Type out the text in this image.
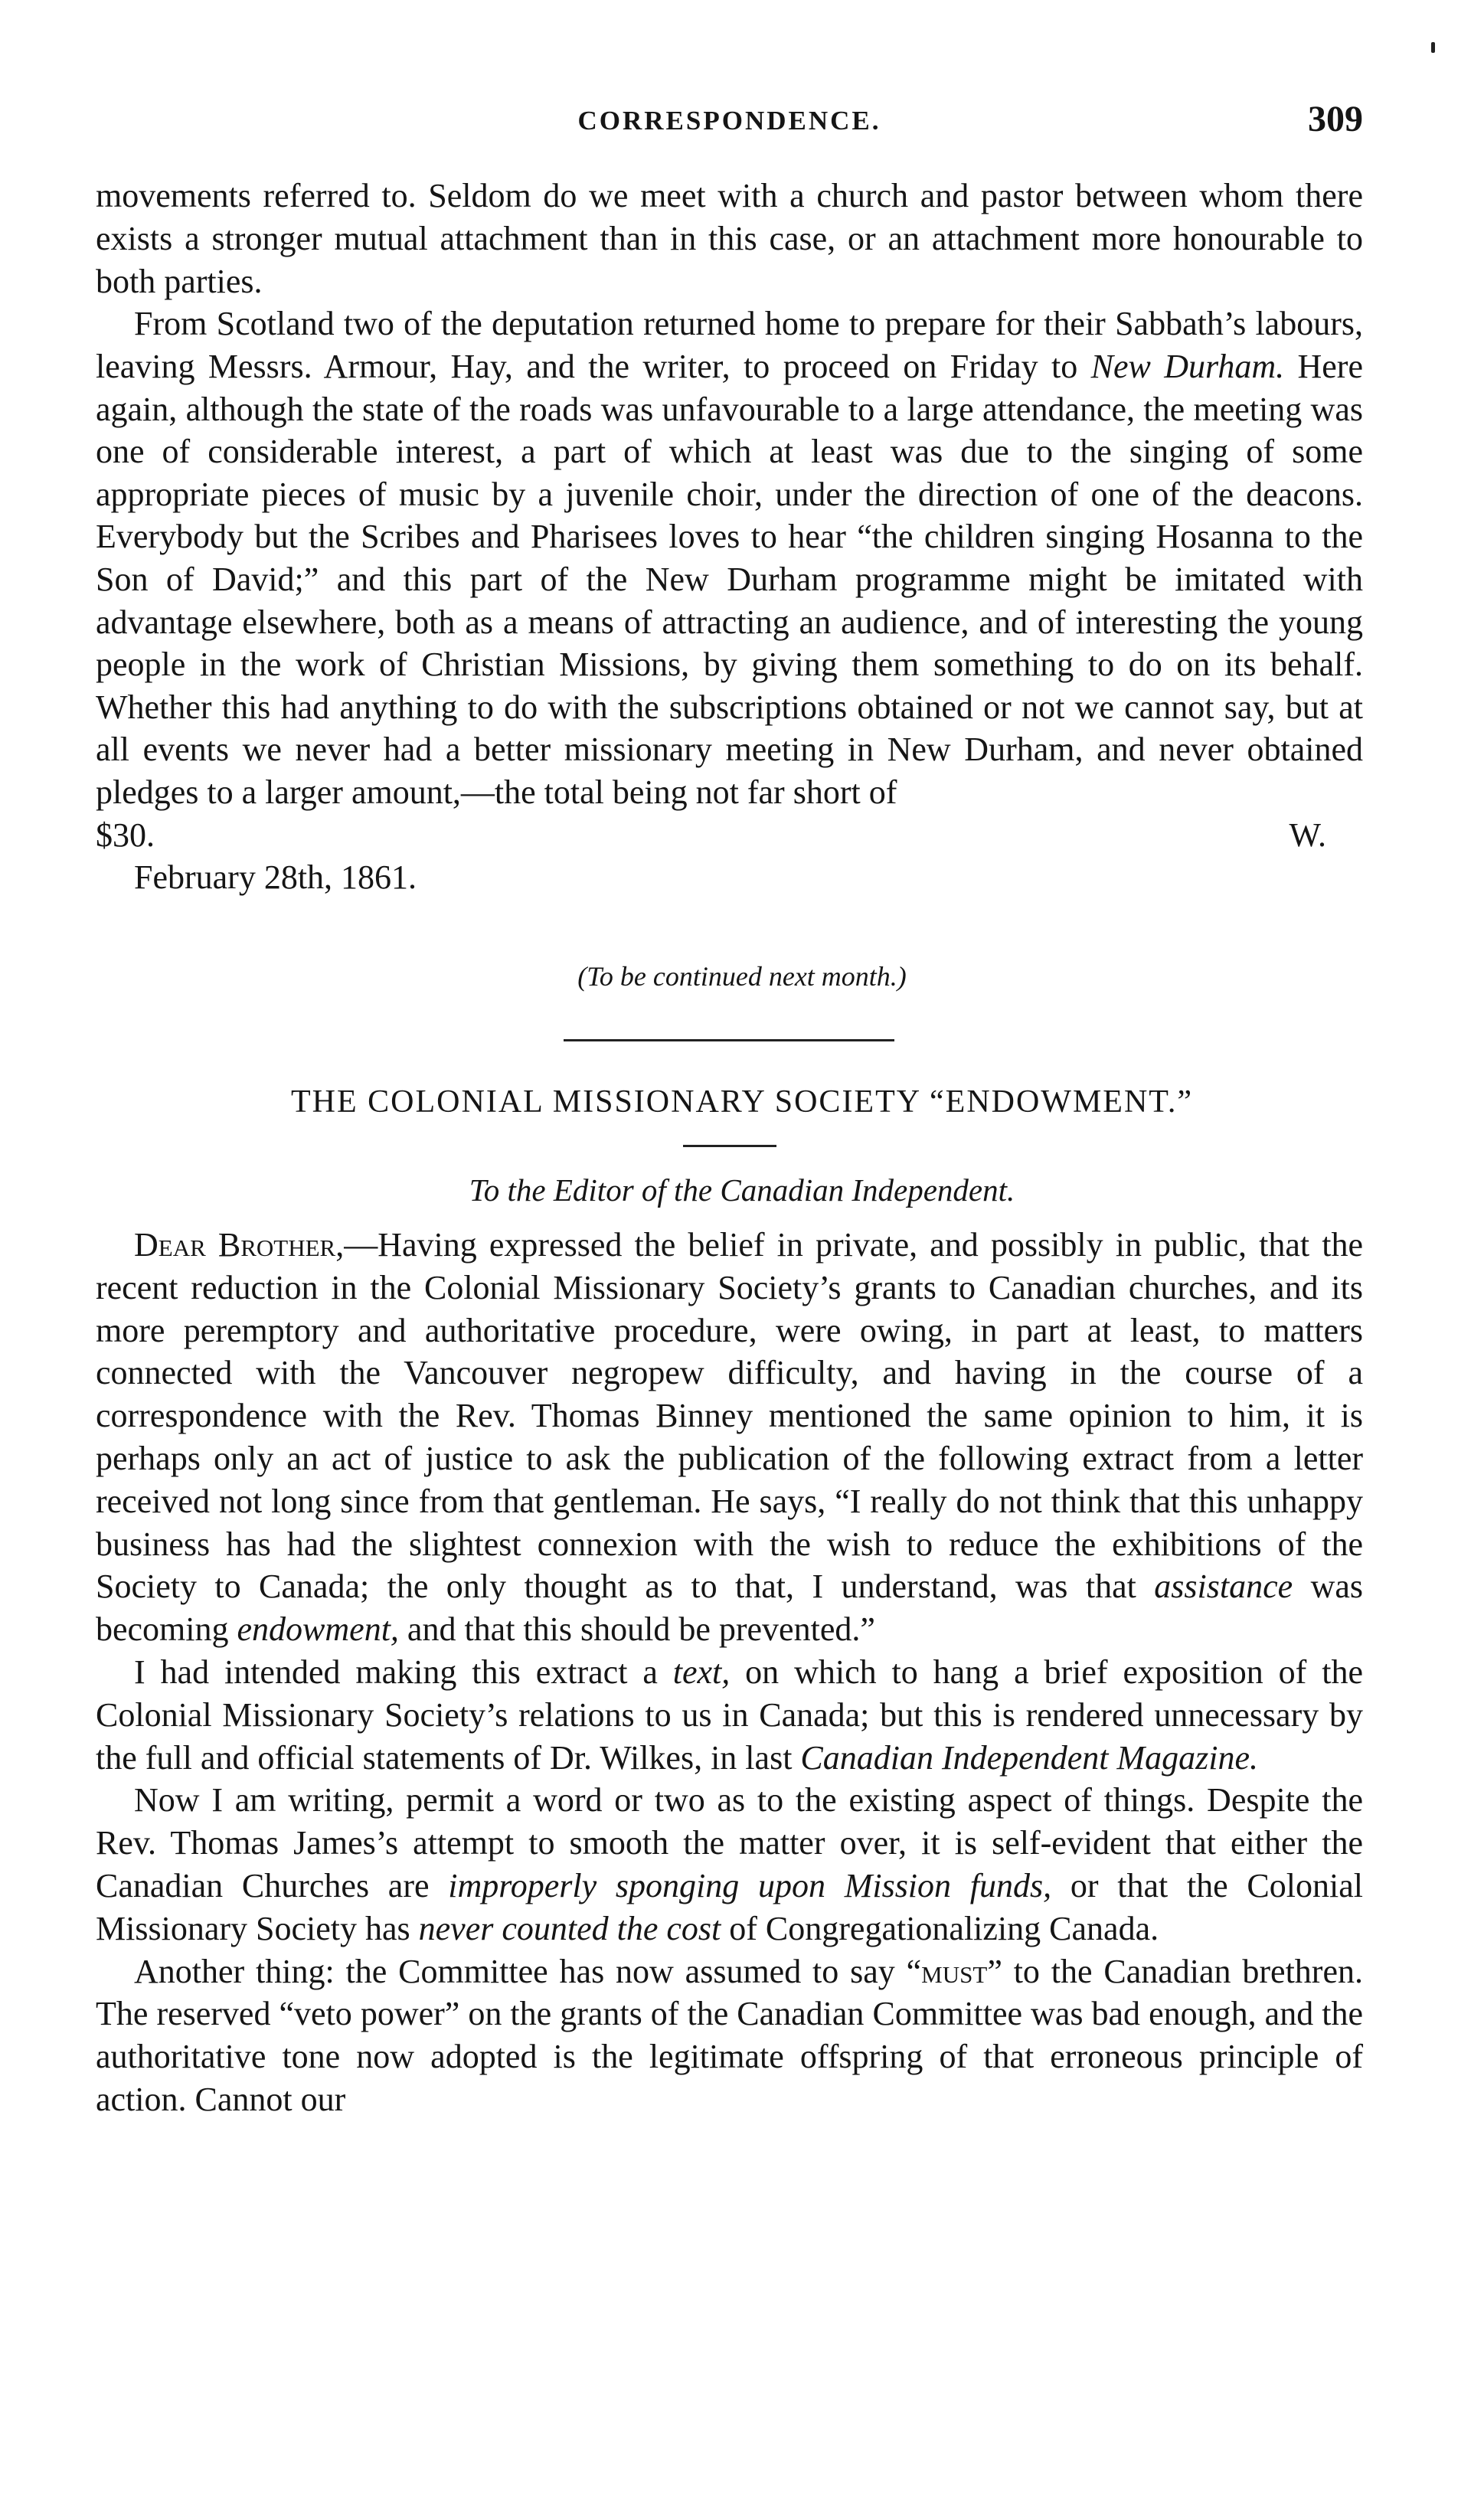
CORRESPONDENCE.	309

movements referred to. Seldom do we meet with a church and pastor between whom there exists a stronger mutual attachment than in this case, or an attachment more honourable to both parties.

From Scotland two of the deputation returned home to prepare for their Sabbath’s labours, leaving Messrs. Armour, Hay, and the writer, to proceed on Friday to New Durham. Here again, although the state of the roads was unfavourable to a large attendance, the meeting was one of considerable interest, a part of which at least was due to the singing of some appropriate pieces of music by a juvenile choir, under the direction of one of the deacons. Everybody but the Scribes and Pharisees loves to hear “the children singing Hosanna to the Son of David;” and this part of the New Durham programme might be imitated with advantage elsewhere, both as a means of attracting an audience, and of interesting the young people in the work of Christian Missions, by giving them something to do on its behalf. Whether this had anything to do with the subscriptions obtained or not we cannot say, but at all events we never had a better missionary meeting in New Durham, and never obtained pledges to a larger amount,—the total being not far short of

$30.	W.
February 28th, 1861.
(To be continued next month.)
THE COLONIAL MISSIONARY SOCIETY “ENDOWMENT.”
To the Editor of the Canadian Independent.

Dear Brother,—Having expressed the belief in private, and possibly in public, that the recent reduction in the Colonial Missionary Society’s grants to Canadian churches, and its more peremptory and authoritative procedure, were owing, in part at least, to matters connected with the Vancouver negropew difficulty, and having in the course of a correspondence with the Rev. Thomas Binney mentioned the same opinion to him, it is perhaps only an act of justice to ask the publication of the following extract from a letter received not long since from that gentleman. He says, “I really do not think that this unhappy business has had the slightest connexion with the wish to reduce the exhibitions of the Society to Canada; the only thought as to that, I understand, was that assistance was becoming endowment, and that this should be prevented.”

I had intended making this extract a text, on which to hang a brief exposition of the Colonial Missionary Society’s relations to us in Canada; but this is rendered unnecessary by the full and official statements of Dr. Wilkes, in last Canadian Independent Magazine.

Now I am writing, permit a word or two as to the existing aspect of things. Despite the Rev. Thomas James’s attempt to smooth the matter over, it is self-evident that either the Canadian Churches are improperly sponging upon Mission funds, or that the Colonial Missionary Society has never counted the cost of Congregationalizing Canada.

Another thing: the Committee has now assumed to say “must” to the Canadian brethren. The reserved “veto power” on the grants of the Canadian Committee was bad enough, and the authoritative tone now adopted is the legitimate offspring of that erroneous principle of action. Cannot our
